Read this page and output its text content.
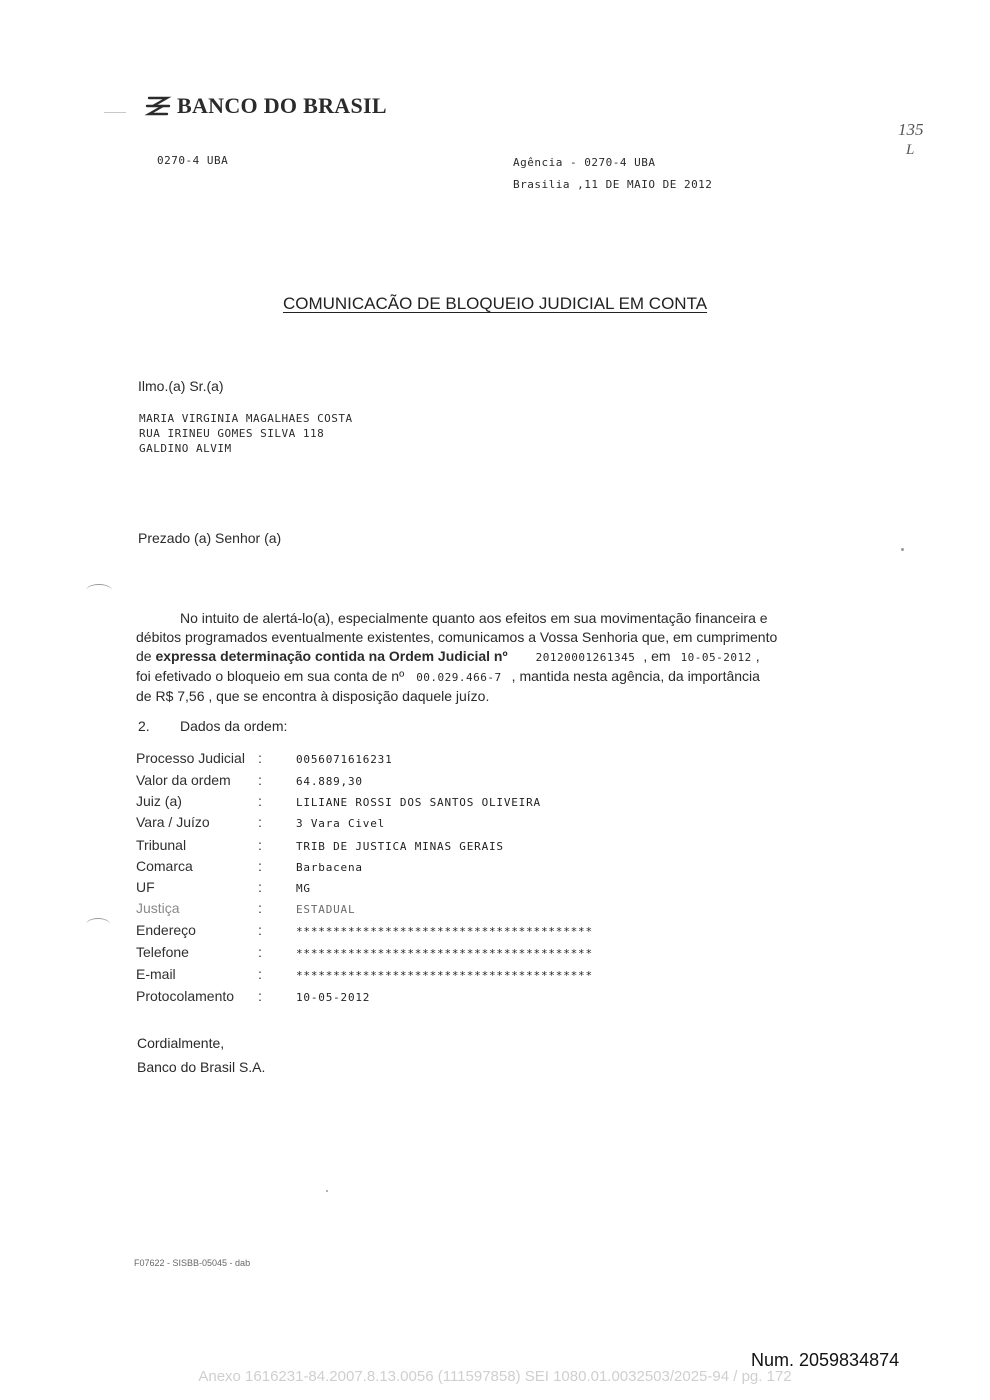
BANCO DO BRASIL
0270-4 UBA	Agência - 0270-4 UBA
Brasilia ,11 DE MAIO DE 2012
135
L
COMUNICACÃO DE BLOQUEIO JUDICIAL EM CONTA
Ilmo.(a) Sr.(a)
MARIA VIRGINIA MAGALHAES COSTA
RUA IRINEU GOMES SILVA 118
GALDINO ALVIM
Prezado (a) Senhor (a)
No intuito de alertá-lo(a), especialmente quanto aos efeitos em sua movimentação financeira e
débitos programados eventualmente existentes, comunicamos a Vossa Senhoria que, em cumprimento
de expressa determinação contida na Ordem Judicial nº	20120001261345 , em 10-05-2012 ,
foi efetivado o bloqueio em sua conta de nº 00.029.466-7 , mantida nesta agência, da importância
de R$ 7,56 , que se encontra à disposição daquele juízo.
2. Dados da ordem:
Processo Judicial :	0056071616231
Valor da ordem :	64.889,30
Juiz (a)	:	LILIANE ROSSI DOS SANTOS OLIVEIRA
Vara / Juízo	:	3 Vara Civel
Tribunal	:	TRIB DE JUSTICA MINAS GERAIS
Comarca	:	Barbacena
UF	:	MG
Justiça	:	ESTADUAL
Endereço	:	****************************************
Telefone	:	****************************************
E-mail	:	****************************************
Protocolamento :	10-05-2012
Cordialmente,
Banco do Brasil S.A.
F07622 - SISBB-05045 - dab
Num. 2059834874
Anexo 1616231-84.2007.8.13.0056 (111597858) SEI 1080.01.0032503/2025-94 / pg. 172
